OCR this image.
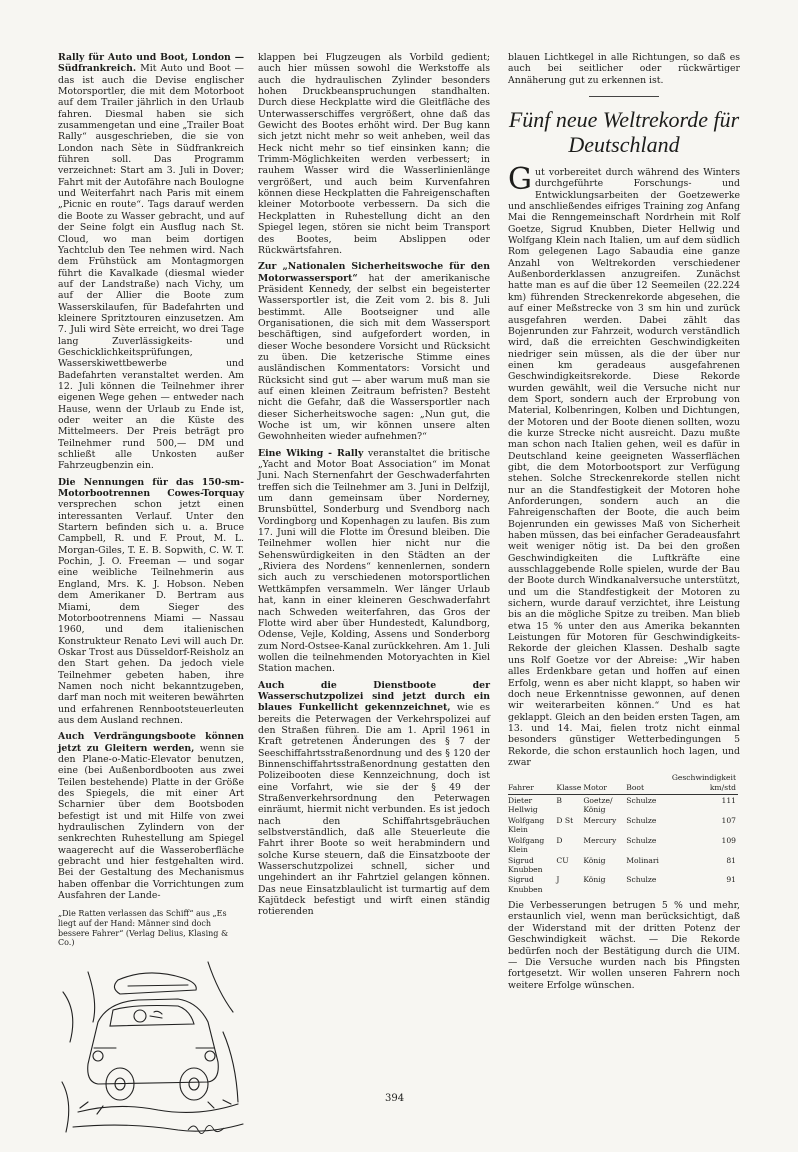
Rally für Auto und Boot, London — Südfrankreich. Mit Auto und Boot — das ist auch die Devise englischer Motorsportler, die mit dem Motorboot auf dem Trailer jährlich in den Urlaub fahren. Diesmal haben sie sich zusammengetan und eine „Trailer Boat Rally“ ausgeschrieben, die sie von London nach Sète in Südfrankreich führen soll. Das Programm verzeichnet: Start am 3. Juli in Dover; Fahrt mit der Autofähre nach Boulogne und Weiterfahrt nach Paris mit einem „Picnic en route“. Tags darauf werden die Boote zu Wasser gebracht, und auf der Seine folgt ein Ausflug nach St. Cloud, wo man beim dortigen Yachtclub den Tee nehmen wird. Nach dem Frühstück am Montagmorgen führt die Kavalkade (diesmal wieder auf der Landstraße) nach Vichy, um auf der Allier die Boote zum Wasserskilaufen, für Badefahrten und kleinere Spritztouren einzusetzen. Am 7. Juli wird Sète erreicht, wo drei Tage lang Zuverlässigkeits- und Geschicklichkeitsprüfungen, Wasserskiwettbewerbe und Badefahrten veranstaltet werden. Am 12. Juli können die Teilnehmer ihrer eigenen Wege gehen — entweder nach Hause, wenn der Urlaub zu Ende ist, oder weiter an die Küste des Mittelmeers. Der Preis beträgt pro Teilnehmer rund 500,— DM und schließt alle Unkosten außer Fahrzeugbenzin ein.

Die Nennungen für das 150-sm-Motorbootrennen Cowes-Torquay versprechen schon jetzt einen interessanten Verlauf. Unter den Startern befinden sich u. a. Bruce Campbell, R. und F. Prout, M. L. Morgan-Giles, T. E. B. Sopwith, C. W. T. Pochin, J. O. Freeman — und sogar eine weibliche Teilnehmerin aus England, Mrs. K. J. Hobson. Neben dem Amerikaner D. Bertram aus Miami, dem Sieger des Motorbootrennens Miami — Nassau 1960, und dem italienischen Konstrukteur Renato Levi will auch Dr. Oskar Trost aus Düsseldorf-Reisholz an den Start gehen. Da jedoch viele Teilnehmer gebeten haben, ihre Namen noch nicht bekanntzugeben, darf man noch mit weiteren bewährten und erfahrenen Rennbootsteuerleuten aus dem Ausland rechnen.

Auch Verdrängungsboote können jetzt zu Gleitern werden, wenn sie den Plane-o-Matic-Elevator benutzen, eine (bei Außenbordbooten aus zwei Teilen bestehende) Platte in der Größe des Spiegels, die mit einer Art Scharnier über dem Bootsboden befestigt ist und mit Hilfe von zwei hydraulischen Zylindern von der senkrechten Ruhestellung am Spiegel waagerecht auf die Wasseroberfläche gebracht und hier festgehalten wird. Bei der Gestaltung des Mechanismus haben offenbar die Vorrichtungen zum Ausfahren der Lande-

„Die Ratten verlassen das Schiff“ aus „Es liegt auf der Hand: Männer sind doch bessere Fahrer“ (Verlag Delius, Klasing & Co.)

klappen bei Flugzeugen als Vorbild gedient; auch hier müssen sowohl die Werkstoffe als auch die hydraulischen Zylinder besonders hohen Druckbeanspruchungen standhalten. Durch diese Heckplatte wird die Gleitfläche des Unterwasserschiffes vergrößert, ohne daß das Gewicht des Bootes erhöht wird. Der Bug kann sich jetzt nicht mehr so weit anheben, weil das Heck nicht mehr so tief einsinken kann; die Trimm-Möglichkeiten werden verbessert; in rauhem Wasser wird die Wasserlinienlänge vergrößert, und auch beim Kurvenfahren können diese Heckplatten die Fahreigenschaften kleiner Motorboote verbessern. Da sich die Heckplatten in Ruhestellung dicht an den Spiegel legen, stören sie nicht beim Transport des Bootes, beim Abslippen oder Rückwärtsfahren.

Zur „Nationalen Sicherheitswoche für den Motorwassersport“ hat der amerikanische Präsident Kennedy, der selbst ein begeisterter Wassersportler ist, die Zeit vom 2. bis 8. Juli bestimmt. Alle Bootseigner und alle Organisationen, die sich mit dem Wassersport beschäftigen, sind aufgefordert worden, in dieser Woche besondere Vorsicht und Rücksicht zu üben. Die ketzerische Stimme eines ausländischen Kommentators: Vorsicht und Rücksicht sind gut — aber warum muß man sie auf einen kleinen Zeitraum befristen? Besteht nicht die Gefahr, daß die Wassersportler nach dieser Sicherheitswoche sagen: „Nun gut, die Woche ist um, wir können unsere alten Gewohnheiten wieder aufnehmen?“

Eine Wiking - Rally veranstaltet die britische „Yacht and Motor Boat Association“ im Monat Juni. Nach Sternenfahrt der Geschwaderfahrten treffen sich die Teilnehmer am 3. Juni in Delfzijl, um dann gemeinsam über Norderney, Brunsbüttel, Sonderburg und Svendborg nach Vordingborg und Kopenhagen zu laufen. Bis zum 17. Juni will die Flotte im Öresund bleiben. Die Teilnehmer wollen hier nicht nur die Sehenswürdigkeiten in den Städten an der „Riviera des Nordens“ kennenlernen, sondern sich auch zu verschiedenen motorsportlichen Wettkämpfen versammeln. Wer länger Urlaub hat, kann in einer kleineren Geschwaderfahrt nach Schweden weiterfahren, das Gros der Flotte wird aber über Hundestedt, Kalundborg, Odense, Vejle, Kolding, Assens und Sonderborg zum Nord-Ostsee-Kanal zurückkehren. Am 1. Juli wollen die teilnehmenden Motoryachten in Kiel Station machen.

Auch die Dienstboote der Wasserschutzpolizei sind jetzt durch ein blaues Funkellicht gekennzeichnet, wie es bereits die Peterwagen der Verkehrspolizei auf den Straßen führen. Die am 1. April 1961 in Kraft getretenen Änderungen des § 7 der Seeschiffahrtsstraßenordnung und des § 120 der Binnenschiffahrtsstraßenordnung gestatten den Polizeibooten diese Kennzeichnung, doch ist eine Vorfahrt, wie sie der § 49 der Straßenverkehrsordnung den Peterwagen einräumt, hiermit nicht verbunden. Es ist jedoch nach den Schiffahrtsgebräuchen selbstverständlich, daß alle Steuerleute die Fahrt ihrer Boote so weit herabmindern und solche Kurse steuern, daß die Einsatzboote der Wasserschutzpolizei schnell, sicher und ungehindert an ihr Fahrtziel gelangen können. Das neue Einsatzblaulicht ist turmartig auf dem Kajütdeck befestigt und wirft einen ständig rotierenden

blauen Lichtkegel in alle Richtungen, so daß es auch bei seitlicher oder rückwärtiger Annäherung gut zu erkennen ist.

Fünf neue Weltrekorde für Deutschland

Gut vorbereitet durch während des Winters durchgeführte Forschungs- und Entwicklungsarbeiten der Goetzewerke und anschließendes eifriges Training zog Anfang Mai die Renngemeinschaft Nordrhein mit Rolf Goetze, Sigrud Knubben, Dieter Hellwig und Wolfgang Klein nach Italien, um auf dem südlich Rom gelegenen Lago Sabaudia eine ganze Anzahl von Weltrekorden verschiedener Außenborderklassen anzugreifen. Zunächst hatte man es auf die über 12 Seemeilen (22.224 km) führenden Streckenrekorde abgesehen, die auf einer Meßstrecke von 3 sm hin und zurück ausgefahren werden. Dabei zählt das Bojenrunden zur Fahrzeit, wodurch verständlich wird, daß die erreichten Geschwindigkeiten niedriger sein müssen, als die der über nur einen km geradeaus ausgefahrenen Geschwindigkeitsrekorde. Diese Rekorde wurden gewählt, weil die Versuche nicht nur dem Sport, sondern auch der Erprobung von Material, Kolbenringen, Kolben und Dichtungen, der Motoren und der Boote dienen sollten, wozu die kurze Strecke nicht ausreicht. Dazu mußte man schon nach Italien gehen, weil es dafür in Deutschland keine geeigneten Wasserflächen gibt, die dem Motorbootsport zur Verfügung stehen. Solche Streckenrekorde stellen nicht nur an die Standfestigkeit der Motoren hohe Anforderungen, sondern auch an die Fahreigenschaften der Boote, die auch beim Bojenrunden ein gewisses Maß von Sicherheit haben müssen, das bei einfacher Geradeausfahrt weit weniger nötig ist. Da bei den großen Geschwindigkeiten die Luftkräfte eine ausschlaggebende Rolle spielen, wurde der Bau der Boote durch Windkanalversuche unterstützt, und um die Standfestigkeit der Motoren zu sichern, wurde darauf verzichtet, ihre Leistung bis an die mögliche Spitze zu treiben. Man blieb etwa 15 % unter den aus Amerika bekannten Leistungen für Motoren für Geschwindigkeits-Rekorde der gleichen Klassen. Deshalb sagte uns Rolf Goetze vor der Abreise: „Wir haben alles Erdenkbare getan und hoffen auf einen Erfolg, wenn es aber nicht klappt, so haben wir doch neue Erkenntnisse gewonnen, auf denen wir weiterarbeiten können.“ Und es hat geklappt. Gleich an den beiden ersten Tagen, am 13. und 14. Mai, fielen trotz nicht einmal besonders günstiger Wetterbedingungen 5 Rekorde, die schon erstaunlich hoch lagen, und zwar

Fahrer	Klasse	Motor	Boot	Geschwindigkeit km/std
Dieter Hellwig	B	Goetze/ König	Schulze	111
Wolfgang Klein	D St	Mercury	Schulze	107
Wolfgang Klein	D	Mercury	Schulze	109
Sigrud Knubben	CU	König	Molinari	81
Sigrud Knubben	J	König	Schulze	91

Die Verbesserungen betrugen 5 % und mehr, erstaunlich viel, wenn man berücksichtigt, daß der Widerstand mit der dritten Potenz der Geschwindigkeit wächst. — Die Rekorde bedürfen noch der Bestätigung durch die UIM. — Die Versuche wurden nach bis Pfingsten fortgesetzt. Wir wollen unseren Fahrern noch weitere Erfolge wünschen.

394
